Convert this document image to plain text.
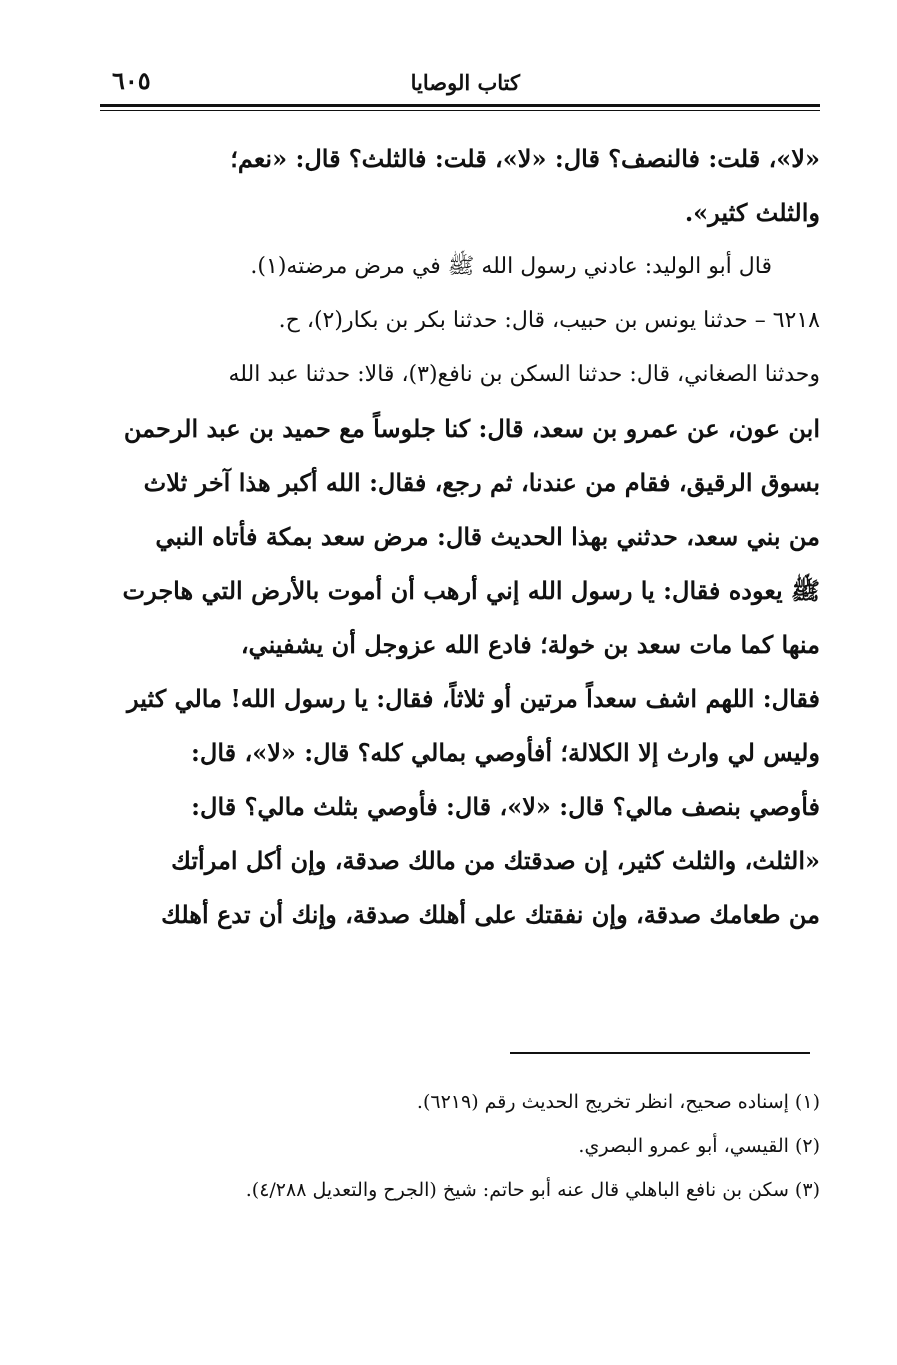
كتاب الوصايا
٦٠٥
«لا»، قلت: فالنصف؟ قال: «لا»، قلت: فالثلث؟ قال: «نعم؛
والثلث كثير».
قال أبو الوليد: عادني رسول الله ﷺ في مرض مرضته(١).
٦٢١٨ – حدثنا يونس بن حبيب، قال: حدثنا بكر بن بكار(٢)، ح.
وحدثنا الصغاني، قال: حدثنا السكن بن نافع(٣)، قالا: حدثنا عبد الله
ابن عون، عن عمرو بن سعد، قال: كنا جلوساً مع حميد بن عبد الرحمن
بسوق الرقيق، فقام من عندنا، ثم رجع، فقال: الله أكبر هذا آخر ثلاث
من بني سعد، حدثني بهذا الحديث قال: مرض سعد بمكة فأتاه النبي
ﷺ يعوده فقال: يا رسول الله إني أرهب أن أموت بالأرض التي هاجرت
منها كما مات سعد بن خولة؛ فادع الله عزوجل أن يشفيني،
فقال: اللهم اشف سعداً مرتين أو ثلاثاً، فقال: يا رسول الله! مالي كثير
وليس لي وارث إلا الكلالة؛ أفأوصي بمالي كله؟ قال: «لا»، قال:
فأوصي بنصف مالي؟ قال: «لا»، قال: فأوصي بثلث مالي؟ قال:
«الثلث، والثلث كثير، إن صدقتك من مالك صدقة، وإن أكل امرأتك
من طعامك صدقة، وإن نفقتك على أهلك صدقة، وإنك أن تدع أهلك
(١) إسناده صحيح، انظر تخريج الحديث رقم (٦٢١٩).
(٢) القيسي، أبو عمرو البصري.
(٣) سكن بن نافع الباهلي قال عنه أبو حاتم: شيخ (الجرح والتعديل ٤/٢٨٨).
